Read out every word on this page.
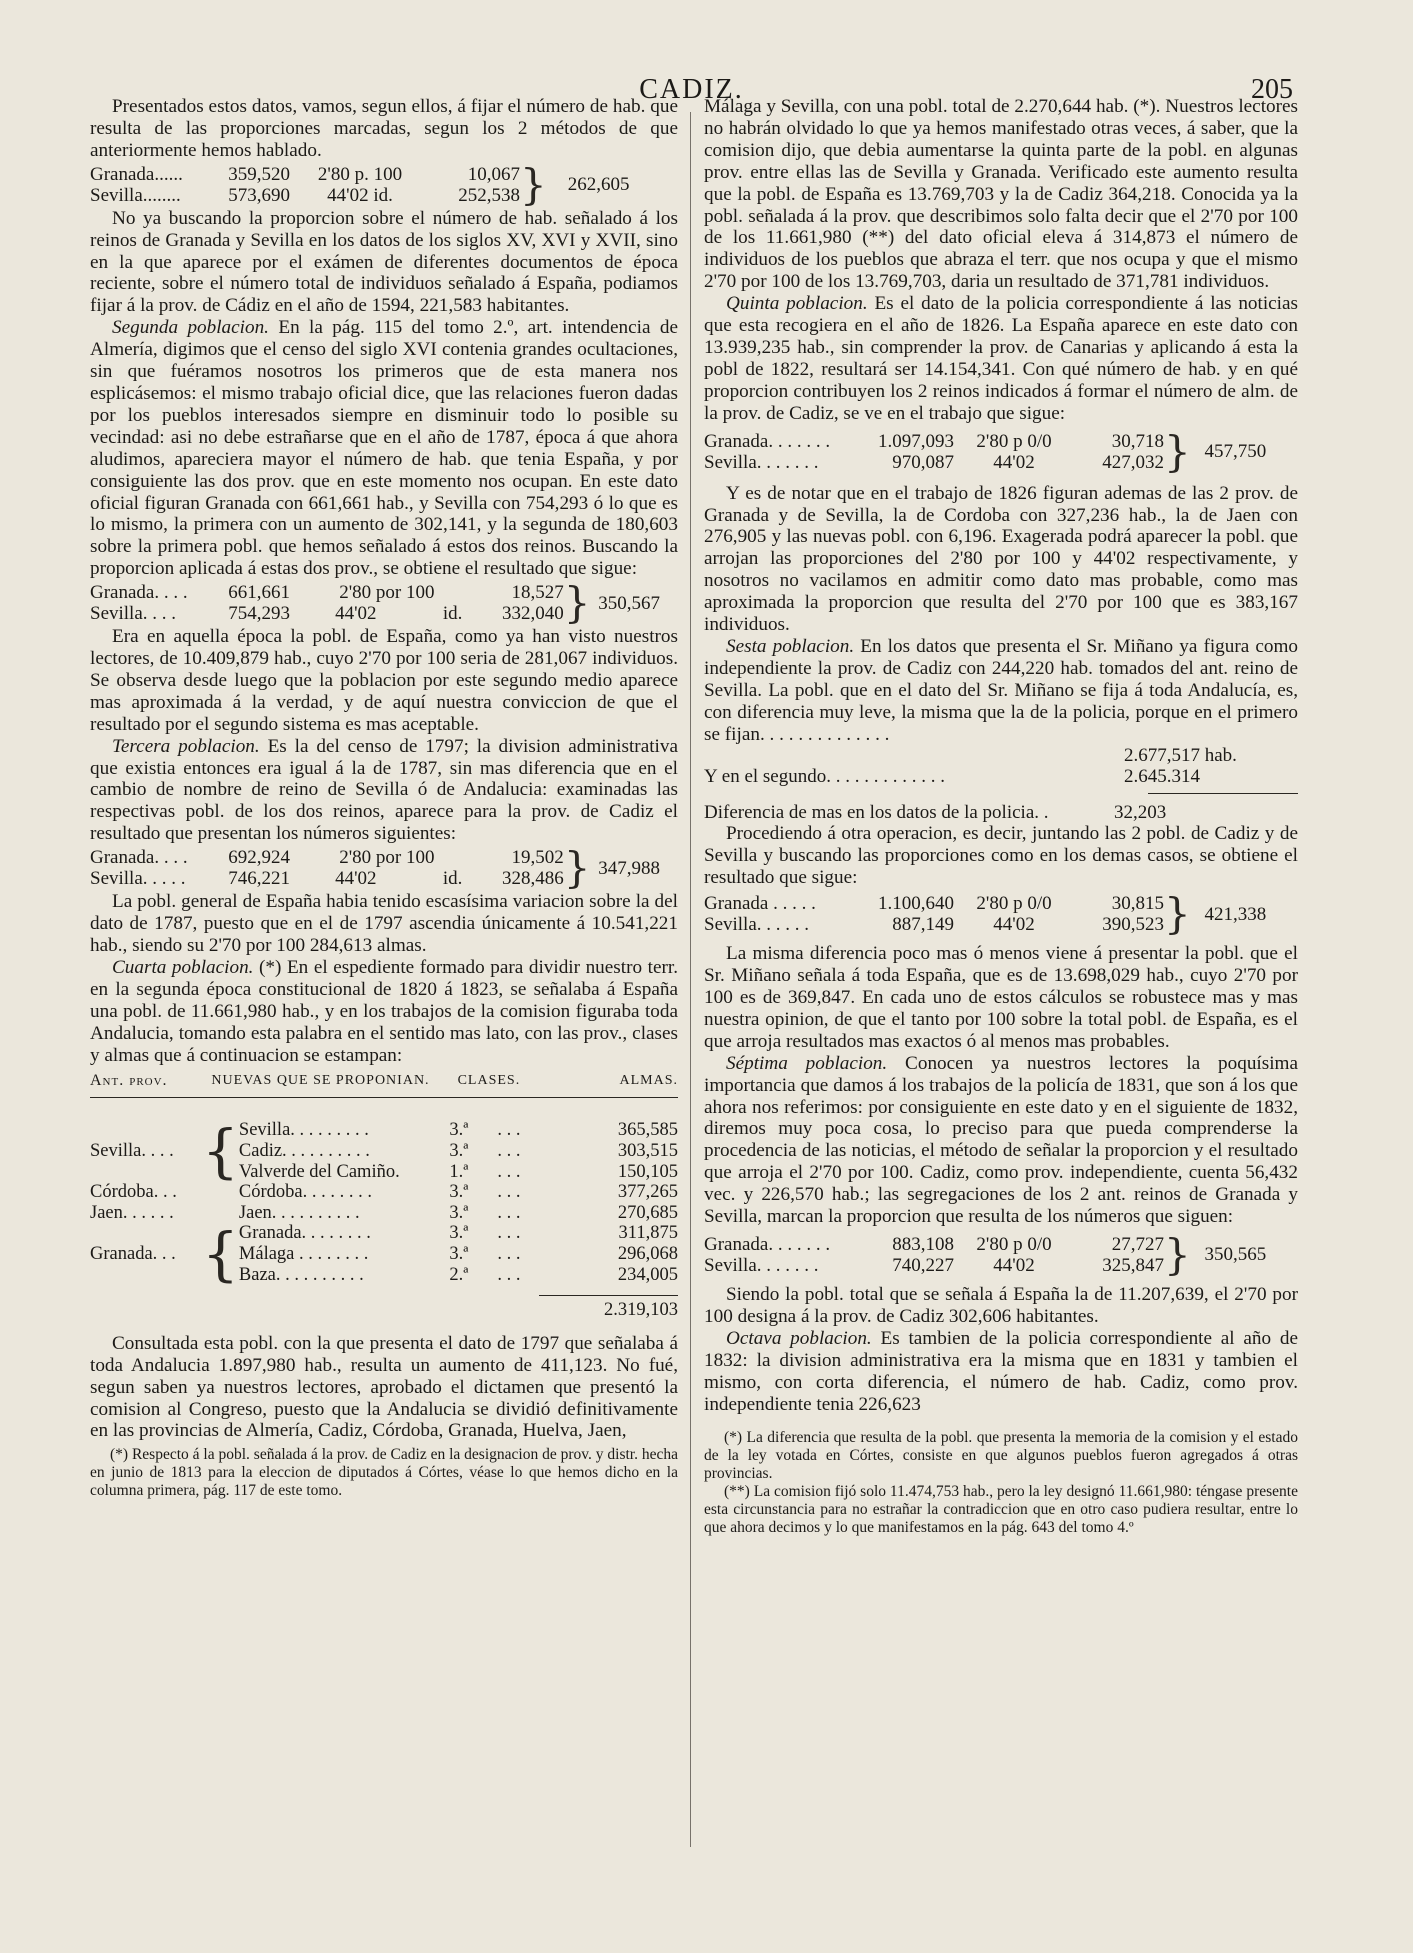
CADIZ.	205

Presentados estos datos, vamos, segun ellos, á fijar el número de hab. que resulta de las proporciones marcadas, segun los 2 métodos de que anteriormente hemos hablado.

Granada......	359,520	2'80 p. 100	10,067	}	262,605
Sevilla........	573,690	44'02 id.	252,538		

No ya buscando la proporcion sobre el número de hab. señalado á los reinos de Granada y Sevilla en los datos de los siglos XV, XVI y XVII, sino en la que aparece por el exámen de diferentes documentos de época reciente, sobre el número total de individuos señalado á España, podiamos fijar á la prov. de Cádiz en el año de 1594, 221,583 habitantes.

Segunda poblacion. En la pág. 115 del tomo 2.º, art. intendencia de Almería, digimos que el censo del siglo XVI contenia grandes ocultaciones, sin que fuéramos nosotros los primeros que de esta manera nos esplicásemos: el mismo trabajo oficial dice, que las relaciones fueron dadas por los pueblos interesados siempre en disminuir todo lo posible su vecindad: asi no debe estrañarse que en el año de 1787, época á que ahora aludimos, apareciera mayor el número de hab. que tenia España, y por consiguiente las dos prov. que en este momento nos ocupan. En este dato oficial figuran Granada con 661,661 hab., y Sevilla con 754,293 ó lo que es lo mismo, la primera con un aumento de 302,141, y la segunda de 180,603 sobre la primera pobl. que hemos señalado á estos dos reinos. Buscando la proporcion aplicada á estas dos prov., se obtiene el resultado que sigue:

Granada. . . .	661,661	2'80 por 100		18,527	}	350,567
Sevilla. . . .	754,293	44'02	id.	332,040		

Era en aquella época la pobl. de España, como ya han visto nuestros lectores, de 10.409,879 hab., cuyo 2'70 por 100 seria de 281,067 individuos. Se observa desde luego que la poblacion por este segundo medio aparece mas aproximada á la verdad, y de aquí nuestra conviccion de que el resultado por el segundo sistema es mas aceptable.

Tercera poblacion. Es la del censo de 1797; la division administrativa que existia entonces era igual á la de 1787, sin mas diferencia que en el cambio de nombre de reino de Sevilla ó de Andalucia: examinadas las respectivas pobl. de los dos reinos, aparece para la prov. de Cadiz el resultado que presentan los números siguientes:

Granada. . . .	692,924	2'80 por 100		19,502	}	347,988
Sevilla. . . . .	746,221	44'02	id.	328,486		

La pobl. general de España habia tenido escasísima variacion sobre la del dato de 1787, puesto que en el de 1797 ascendia únicamente á 10.541,221 hab., siendo su 2'70 por 100 284,613 almas.

Cuarta poblacion. (*) En el espediente formado para dividir nuestro terr. en la segunda época constitucional de 1820 á 1823, se señalaba á España una pobl. de 11.661,980 hab., y en los trabajos de la comision figuraba toda Andalucia, tomando esta palabra en el sentido mas lato, con las prov., clases y almas que á continuacion se estampan:

Ant. prov.	NUEVAS QUE SE PROPONIAN.		CLASES.		ALMAS.

Sevilla. . . .	{	Sevilla. . . . . . . . .	3.ª	. . .	365,585
		Cadiz. . . . . . . . . .	3.ª	. . .	303,515
		Valverde del Camiño.	1.ª	. . .	150,105
Córdoba. . .		Córdoba. . . . . . . .	3.ª	. . .	377,265
Jaen. . . . . .		Jaen. . . . . . . . . .	3.ª	. . .	270,685
Granada. . .	{	Granada. . . . . . . .	3.ª	. . .	311,875
		Málaga . . . . . . . .	3.ª	. . .	296,068
		Baza. . . . . . . . . .	2.ª	. . .	234,005

					2.319,103

Consultada esta pobl. con la que presenta el dato de 1797 que señalaba á toda Andalucia 1.897,980 hab., resulta un aumento de 411,123. No fué, segun saben ya nuestros lectores, aprobado el dictamen que presentó la comision al Congreso, puesto que la Andalucia se dividió definitivamente en las provincias de Almería, Cadiz, Córdoba, Granada, Huelva, Jaen,

(*) Respecto á la pobl. señalada á la prov. de Cadiz en la designacion de prov. y distr. hecha en junio de 1813 para la eleccion de diputados á Córtes, véase lo que hemos dicho en la columna primera, pág. 117 de este tomo.

Málaga y Sevilla, con una pobl. total de 2.270,644 hab. (*). Nuestros lectores no habrán olvidado lo que ya hemos manifestado otras veces, á saber, que la comision dijo, que debia aumentarse la quinta parte de la pobl. en algunas prov. entre ellas las de Sevilla y Granada. Verificado este aumento resulta que la pobl. de España es 13.769,703 y la de Cadiz 364,218. Conocida ya la pobl. señalada á la prov. que describimos solo falta decir que el 2'70 por 100 de los 11.661,980 (**) del dato oficial eleva á 314,873 el número de individuos de los pueblos que abraza el terr. que nos ocupa y que el mismo 2'70 por 100 de los 13.769,703, daria un resultado de 371,781 individuos.

Quinta poblacion. Es el dato de la policia correspondiente á las noticias que esta recogiera en el año de 1826. La España aparece en este dato con 13.939,235 hab., sin comprender la prov. de Canarias y aplicando á esta la pobl de 1822, resultará ser 14.154,341. Con qué número de hab. y en qué proporcion contribuyen los 2 reinos indicados á formar el número de alm. de la prov. de Cadiz, se ve en el trabajo que sigue:

Granada. . . . . . .	1.097,093	2'80 p 0/0	30,718	}	457,750
Sevilla. . . . . . .	970,087	44'02	427,032		

Y es de notar que en el trabajo de 1826 figuran ademas de las 2 prov. de Granada y de Sevilla, la de Cordoba con 327,236 hab., la de Jaen con 276,905 y las nuevas pobl. con 6,196. Exagerada podrá aparecer la pobl. que arrojan las proporciones del 2'80 por 100 y 44'02 respectivamente, y nosotros no vacilamos en admitir como dato mas probable, como mas aproximada la proporcion que resulta del 2'70 por 100 que es 383,167 individuos.

Sesta poblacion. En los datos que presenta el Sr. Miñano ya figura como independiente la prov. de Cadiz con 244,220 hab. tomados del ant. reino de Sevilla. La pobl. que en el dato del Sr. Miñano se fija á toda Andalucía, es, con diferencia muy leve, la misma que la de la policia, porque en el primero se fijan. . . . . . . . . . . . . .

	2.677,517 hab.
Y en el segundo. . . . . . . . . . . . .	2.645.314
Diferencia de mas en los datos de la policia. .	32,203

Procediendo á otra operacion, es decir, juntando las 2 pobl. de Cadiz y de Sevilla y buscando las proporciones como en los demas casos, se obtiene el resultado que sigue:

Granada . . . . .	1.100,640	2'80 p 0/0	30,815	}	421,338
Sevilla. . . . . .	887,149	44'02	390,523		

La misma diferencia poco mas ó menos viene á presentar la pobl. que el Sr. Miñano señala á toda España, que es de 13.698,029 hab., cuyo 2'70 por 100 es de 369,847. En cada uno de estos cálculos se robustece mas y mas nuestra opinion, de que el tanto por 100 sobre la total pobl. de España, es el que arroja resultados mas exactos ó al menos mas probables.

Séptima poblacion. Conocen ya nuestros lectores la poquísima importancia que damos á los trabajos de la policía de 1831, que son á los que ahora nos referimos: por consiguiente en este dato y en el siguiente de 1832, diremos muy poca cosa, lo preciso para que pueda comprenderse la procedencia de las noticias, el método de señalar la proporcion y el resultado que arroja el 2'70 por 100. Cadiz, como prov. independiente, cuenta 56,432 vec. y 226,570 hab.; las segregaciones de los 2 ant. reinos de Granada y Sevilla, marcan la proporcion que resulta de los números que siguen:

Granada. . . . . . .	883,108	2'80 p 0/0	27,727	}	350,565
Sevilla. . . . . . .	740,227	44'02	325,847		

Siendo la pobl. total que se señala á España la de 11.207,639, el 2'70 por 100 designa á la prov. de Cadiz 302,606 habitantes.

Octava poblacion. Es tambien de la policia correspondiente al año de 1832: la division administrativa era la misma que en 1831 y tambien el mismo, con corta diferencia, el número de hab. Cadiz, como prov. independiente tenia 226,623

(*) La diferencia que resulta de la pobl. que presenta la memoria de la comision y el estado de la ley votada en Córtes, consiste en que algunos pueblos fueron agregados á otras provincias.

(**) La comision fijó solo 11.474,753 hab., pero la ley designó 11.661,980: téngase presente esta circunstancia para no estrañar la contradiccion que en otro caso pudiera resultar, entre lo que ahora decimos y lo que manifestamos en la pág. 643 del tomo 4.º
